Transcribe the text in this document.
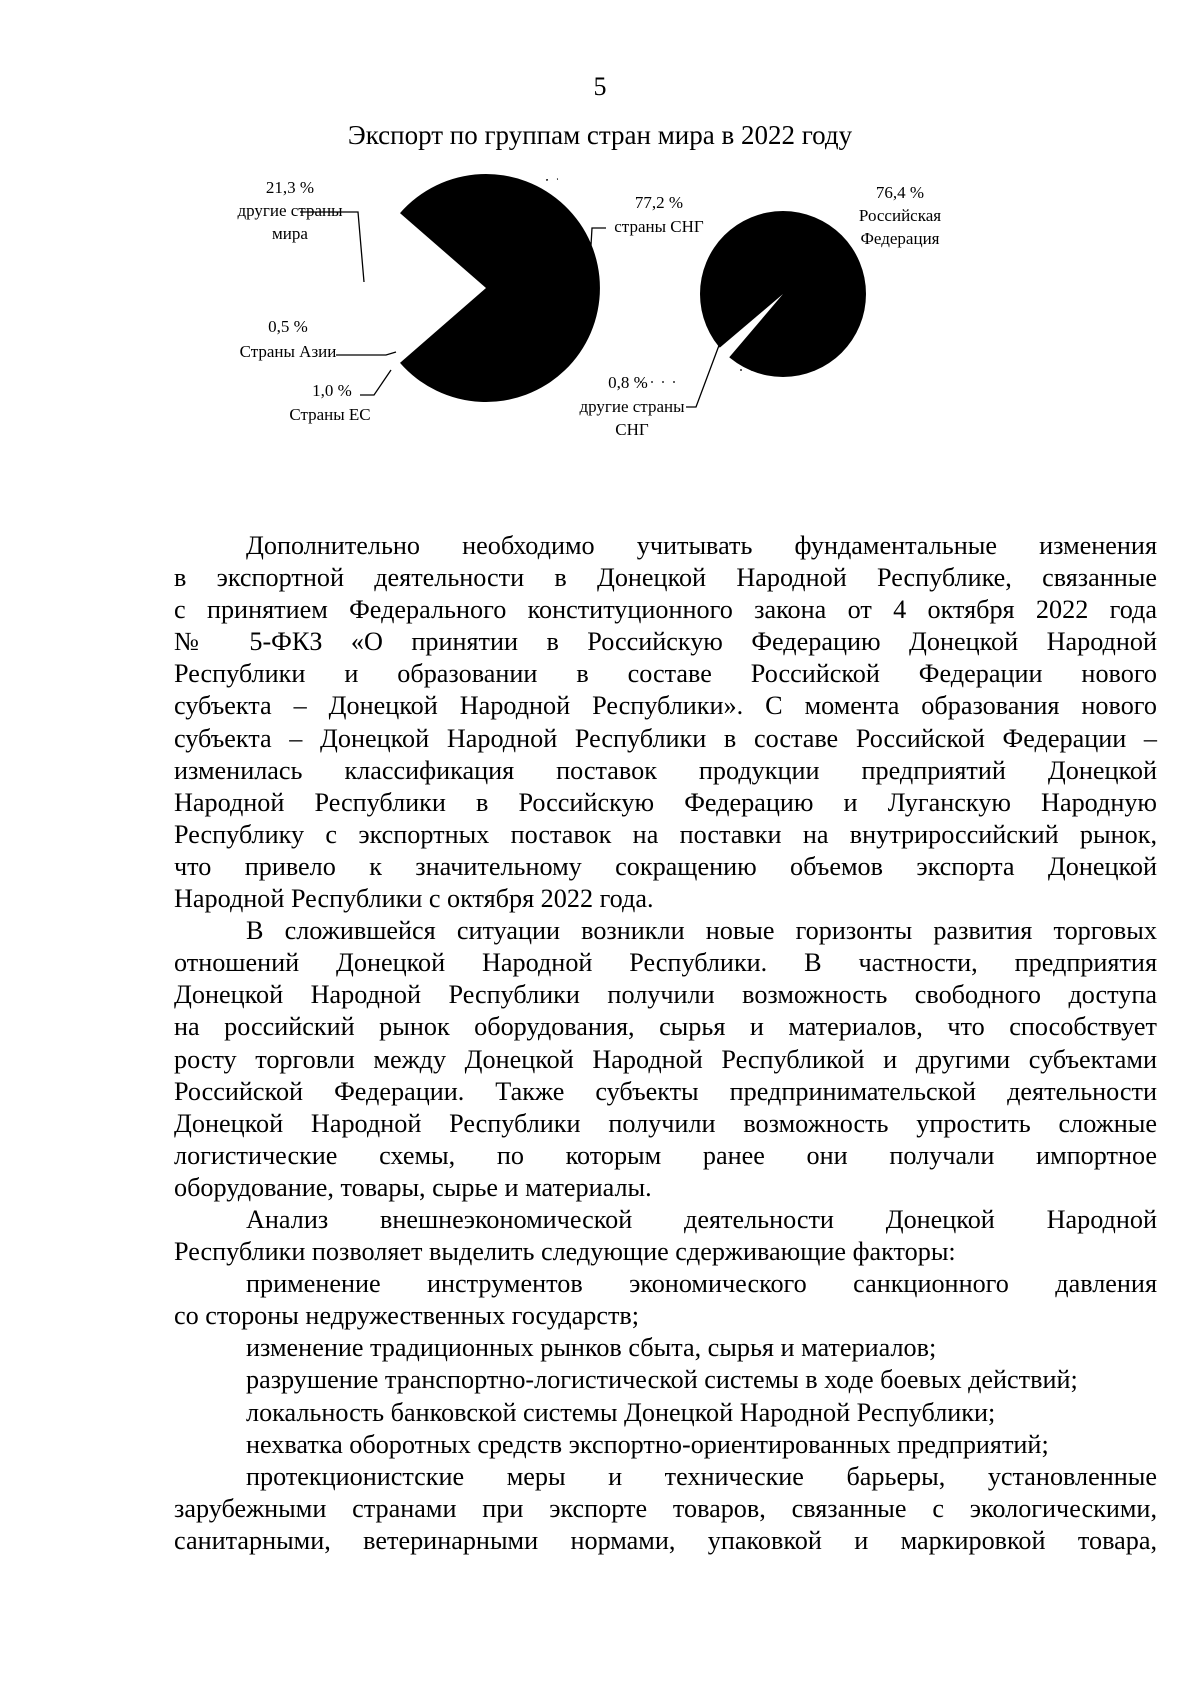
5
Экспорт по группам стран мира в 2022 году
21,3 %
другие страны
мира
77,2 %
страны СНГ
0,5 %
Страны Азии
1,0 %
Страны ЕС
76,4 %
Российская
Федерация
0,8 %
другие страны
СНГ

Дополнительно необходимо учитывать фундаментальные изменения

в экспортной деятельности в Донецкой Народной Республике, связанные

с принятием Федерального конституционного закона от 4 октября 2022 года

№ 5-ФКЗ «О принятии в Российскую Федерацию Донецкой Народной

Республики и образовании в составе Российской Федерации нового

субъекта – Донецкой Народной Республики». С момента образования нового

субъекта – Донецкой Народной Республики в составе Российской Федерации –

изменилась классификация поставок продукции предприятий Донецкой

Народной Республики в Российскую Федерацию и Луганскую Народную

Республику с экспортных поставок на поставки на внутрироссийский рынок,

что привело к значительному сокращению объемов экспорта Донецкой

Народной Республики с октября 2022 года.

В сложившейся ситуации возникли новые горизонты развития торговых

отношений Донецкой Народной Республики. В частности, предприятия

Донецкой Народной Республики получили возможность свободного доступа

на российский рынок оборудования, сырья и материалов, что способствует

росту торговли между Донецкой Народной Республикой и другими субъектами

Российской Федерации. Также субъекты предпринимательской деятельности

Донецкой Народной Республики получили возможность упростить сложные

логистические схемы, по которым ранее они получали импортное

оборудование, товары, сырье и материалы.

Анализ внешнеэкономической деятельности Донецкой Народной

Республики позволяет выделить следующие сдерживающие факторы:

применение инструментов экономического санкционного давления

со стороны недружественных государств;

изменение традиционных рынков сбыта, сырья и материалов;

разрушение транспортно-логистической системы в ходе боевых действий;

локальность банковской системы Донецкой Народной Республики;

нехватка оборотных средств экспортно-ориентированных предприятий;

протекционистские меры и технические барьеры, установленные

зарубежными странами при экспорте товаров, связанные с экологическими,

санитарными, ветеринарными нормами, упаковкой и маркировкой товара,
